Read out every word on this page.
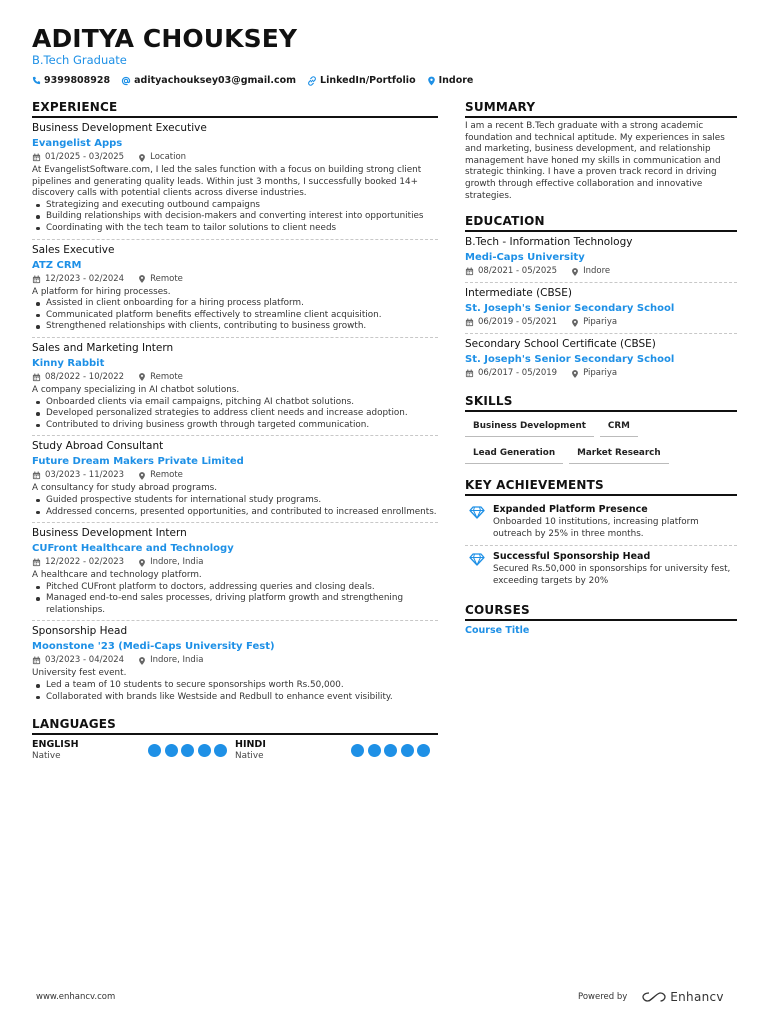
ADITYA CHOUKSEY
B.Tech Graduate
9399808928	adityachouksey03@gmail.com	LinkedIn/Portfolio Indore
EXPERIENCE
Business Development Executive
Evangelist Apps
01/2025 - 03/2025	Location
At EvangelistSoftware.com, I led the sales function with a focus on building strong client pipelines and generating quality leads. Within just 3 months, I successfully booked 14+ discovery calls with potential clients across diverse industries.
Strategizing and executing outbound campaigns
Building relationships with decision-makers and converting interest into opportunities
Coordinating with the tech team to tailor solutions to client needs
Sales Executive
ATZ CRM
12/2023 - 02/2024	Remote
A platform for hiring processes.
Assisted in client onboarding for a hiring process platform.
Communicated platform benefits effectively to streamline client acquisition.
Strengthened relationships with clients, contributing to business growth.
Sales and Marketing Intern
Kinny Rabbit
08/2022 - 10/2022	Remote
A company specializing in AI chatbot solutions.
Onboarded clients via email campaigns, pitching AI chatbot solutions.
Developed personalized strategies to address client needs and increase adoption.
Contributed to driving business growth through targeted communication.
Study Abroad Consultant
Future Dream Makers Private Limited
03/2023 - 11/2023	Remote
A consultancy for study abroad programs.
Guided prospective students for international study programs.
Addressed concerns, presented opportunities, and contributed to increased enrollments.
Business Development Intern
CUFront Healthcare and Technology
12/2022 - 02/2023	Indore, India
A healthcare and technology platform.
Pitched CUFront platform to doctors, addressing queries and closing deals.
Managed end-to-end sales processes, driving platform growth and strengthening relationships.
Sponsorship Head
Moonstone '23 (Medi-Caps University Fest)
03/2023 - 04/2024	Indore, India
University fest event.
Led a team of 10 students to secure sponsorships worth Rs.50,000.
Collaborated with brands like Westside and Redbull to enhance event visibility.
LANGUAGES
ENGLISH
Native
HINDI
Native
SUMMARY
I am a recent B.Tech graduate with a strong academic foundation and technical aptitude. My experiences in sales and marketing, business development, and relationship management have honed my skills in communication and strategic thinking. I have a proven track record in driving growth through effective collaboration and innovative strategies.
EDUCATION
B.Tech - Information Technology
Medi-Caps University
08/2021 - 05/2025	Indore
Intermediate (CBSE)
St. Joseph's Senior Secondary School
06/2019 - 05/2021	Pipariya
Secondary School Certificate (CBSE)
St. Joseph's Senior Secondary School
06/2017 - 05/2019	Pipariya
SKILLS
Business Development	CRM
Lead Generation	Market Research
KEY ACHIEVEMENTS
Expanded Platform Presence
Onboarded 10 institutions, increasing platform outreach by 25% in three months.
Successful Sponsorship Head
Secured Rs.50,000 in sponsorships for university fest, exceeding targets by 20%
COURSES
Course Title
www.enhancv.com	Powered by	Enhancv
